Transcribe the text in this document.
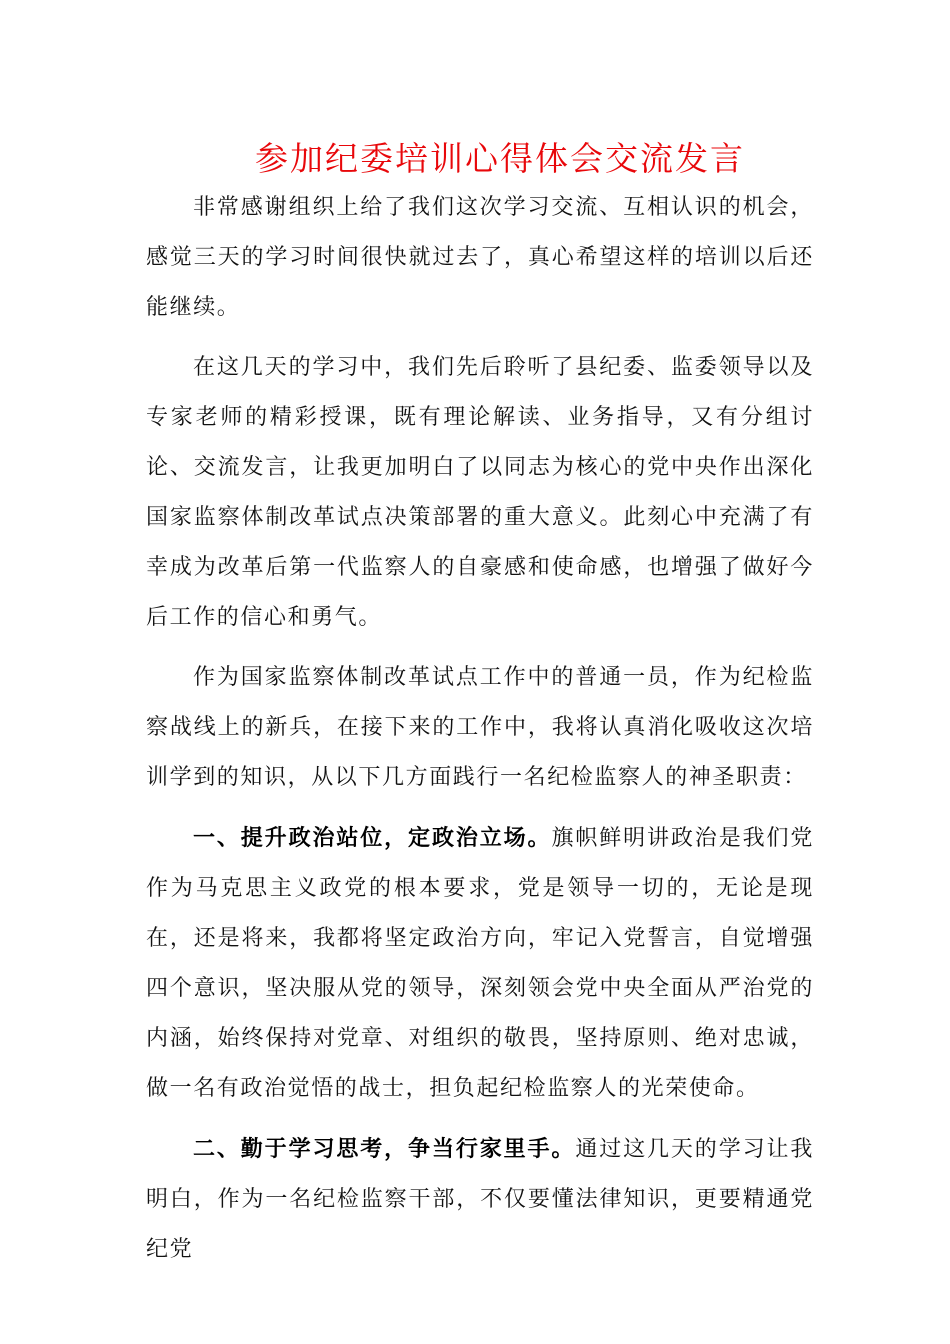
参加纪委培训心得体会交流发言

非常感谢组织上给了我们这次学习交流、互相认识的机会，感觉三天的学习时间很快就过去了，真心希望这样的培训以后还能继续。

在这几天的学习中，我们先后聆听了县纪委、监委领导以及专家老师的精彩授课，既有理论解读、业务指导，又有分组讨论、交流发言，让我更加明白了以同志为核心的党中央作出深化国家监察体制改革试点决策部署的重大意义。此刻心中充满了有幸成为改革后第一代监察人的自豪感和使命感，也增强了做好今后工作的信心和勇气。

作为国家监察体制改革试点工作中的普通一员，作为纪检监察战线上的新兵，在接下来的工作中，我将认真消化吸收这次培训学到的知识，从以下几方面践行一名纪检监察人的神圣职责：

一、提升政治站位，定政治立场。旗帜鲜明讲政治是我们党作为马克思主义政党的根本要求，党是领导一切的，无论是现在，还是将来，我都将坚定政治方向，牢记入党誓言，自觉增强四个意识，坚决服从党的领导，深刻领会党中央全面从严治党的内涵，始终保持对党章、对组织的敬畏，坚持原则、绝对忠诚，做一名有政治觉悟的战士，担负起纪检监察人的光荣使命。

二、勤于学习思考，争当行家里手。通过这几天的学习让我明白，作为一名纪检监察干部，不仅要懂法律知识，更要精通党纪党
